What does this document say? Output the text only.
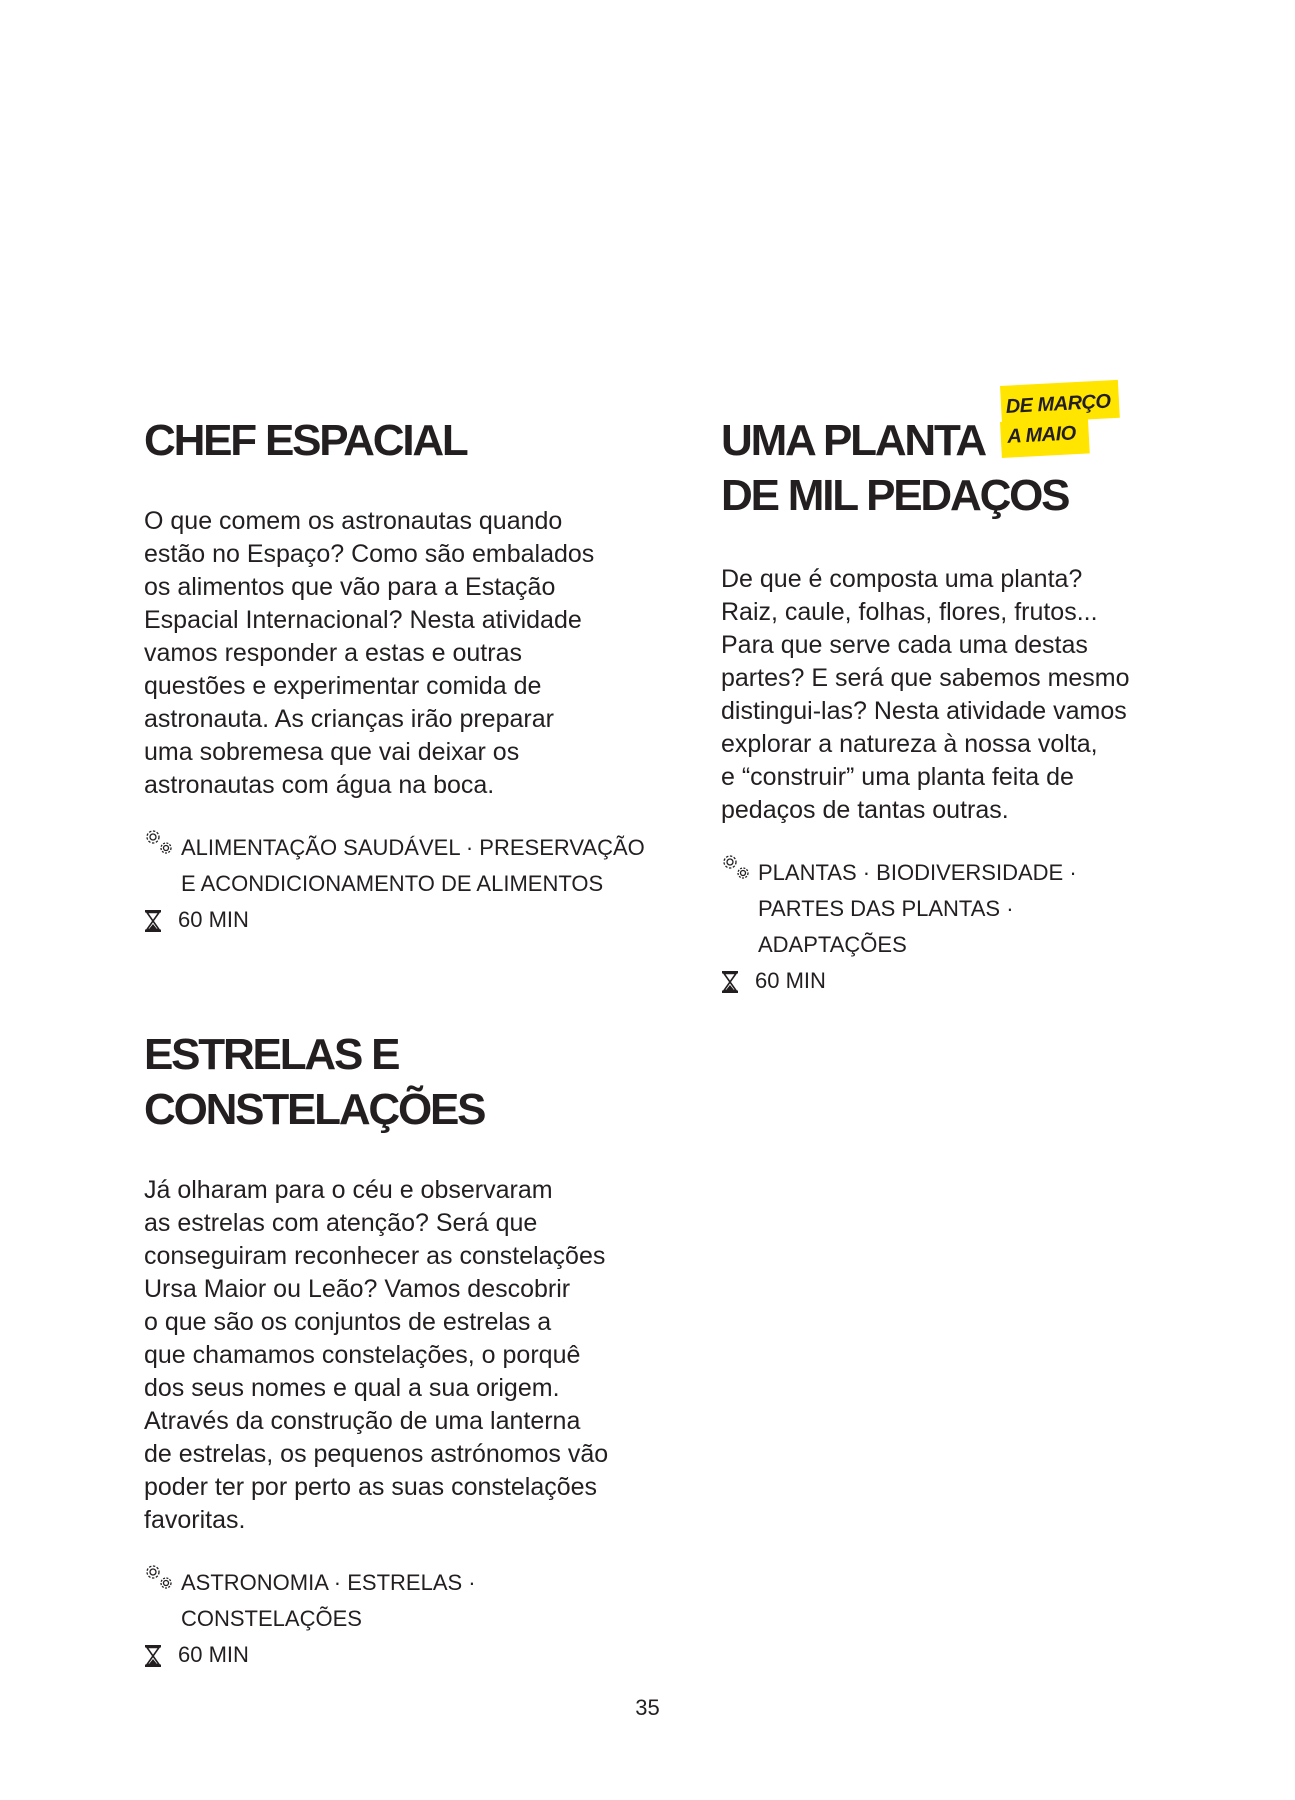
CHEF ESPACIAL

O que comem os astronautas quando
estão no Espaço? Como são embalados
os alimentos que vão para a Estação
Espacial Internacional? Nesta atividade
vamos responder a estas e outras
questões e experimentar comida de
astronauta. As crianças irão preparar
uma sobremesa que vai deixar os
astronautas com água na boca.

ALIMENTAÇÃO SAUDÁVEL · PRESERVAÇÃO
E ACONDICIONAMENTO DE ALIMENTOS
60 MIN
UMA PLANTA
DE MIL PEDAÇOS

De que é composta uma planta?
Raiz, caule, folhas, flores, frutos...
Para que serve cada uma destas
partes? E será que sabemos mesmo
distingui-las? Nesta atividade vamos
explorar a natureza à nossa volta,
e “construir” uma planta feita de
pedaços de tantas outras.

PLANTAS · BIODIVERSIDADE ·
PARTES DAS PLANTAS ·
ADAPTAÇÕES
60 MIN
DE MARÇO
A MAIO
ESTRELAS E
CONSTELAÇÕES

Já olharam para o céu e observaram
as estrelas com atenção? Será que
conseguiram reconhecer as constelações
Ursa Maior ou Leão? Vamos descobrir
o que são os conjuntos de estrelas a
que chamamos constelações, o porquê
dos seus nomes e qual a sua origem.
Através da construção de uma lanterna
de estrelas, os pequenos astrónomos vão
poder ter por perto as suas constelações
favoritas.

ASTRONOMIA · ESTRELAS ·
CONSTELAÇÕES
60 MIN
35
